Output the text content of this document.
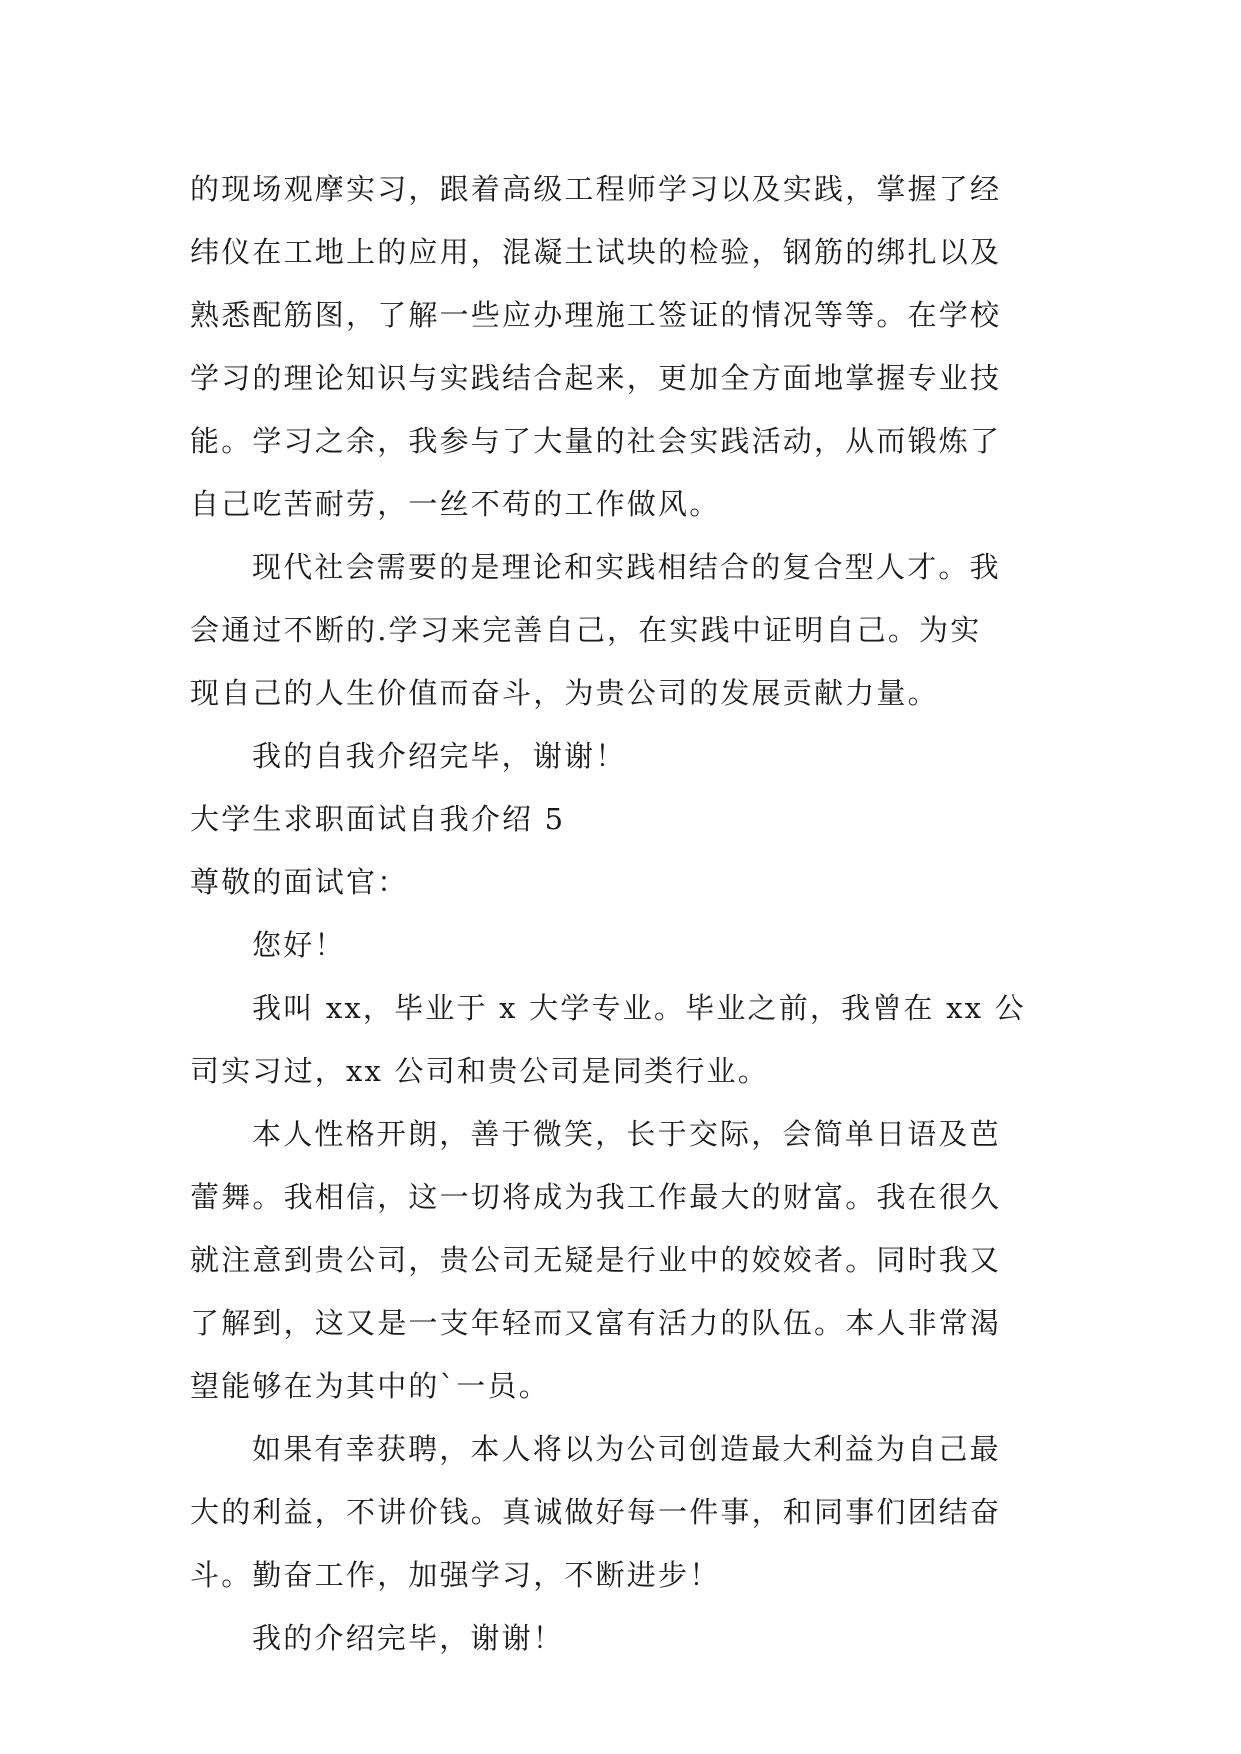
的现场观摩实习，跟着高级工程师学习以及实践，掌握了经
纬仪在工地上的应用，混凝土试块的检验，钢筋的绑扎以及
熟悉配筋图，了解一些应办理施工签证的情况等等。在学校
学习的理论知识与实践结合起来，更加全方面地掌握专业技
能。学习之余，我参与了大量的社会实践活动，从而锻炼了
自己吃苦耐劳，一丝不苟的工作做风。
现代社会需要的是理论和实践相结合的复合型人才。我
会通过不断的.学习来完善自己，在实践中证明自己。为实
现自己的人生价值而奋斗，为贵公司的发展贡献力量。
我的自我介绍完毕，谢谢！
大学生求职面试自我介绍 5
尊敬的面试官：
您好！
我叫 xx，毕业于 x 大学专业。毕业之前，我曾在 xx 公
司实习过，xx 公司和贵公司是同类行业。
本人性格开朗，善于微笑，长于交际，会简单日语及芭
蕾舞。我相信，这一切将成为我工作最大的财富。我在很久
就注意到贵公司，贵公司无疑是行业中的姣姣者。同时我又
了解到，这又是一支年轻而又富有活力的队伍。本人非常渴
望能够在为其中的`一员。
如果有幸获聘，本人将以为公司创造最大利益为自己最
大的利益，不讲价钱。真诚做好每一件事，和同事们团结奋
斗。勤奋工作，加强学习，不断进步！
我的介绍完毕，谢谢！
